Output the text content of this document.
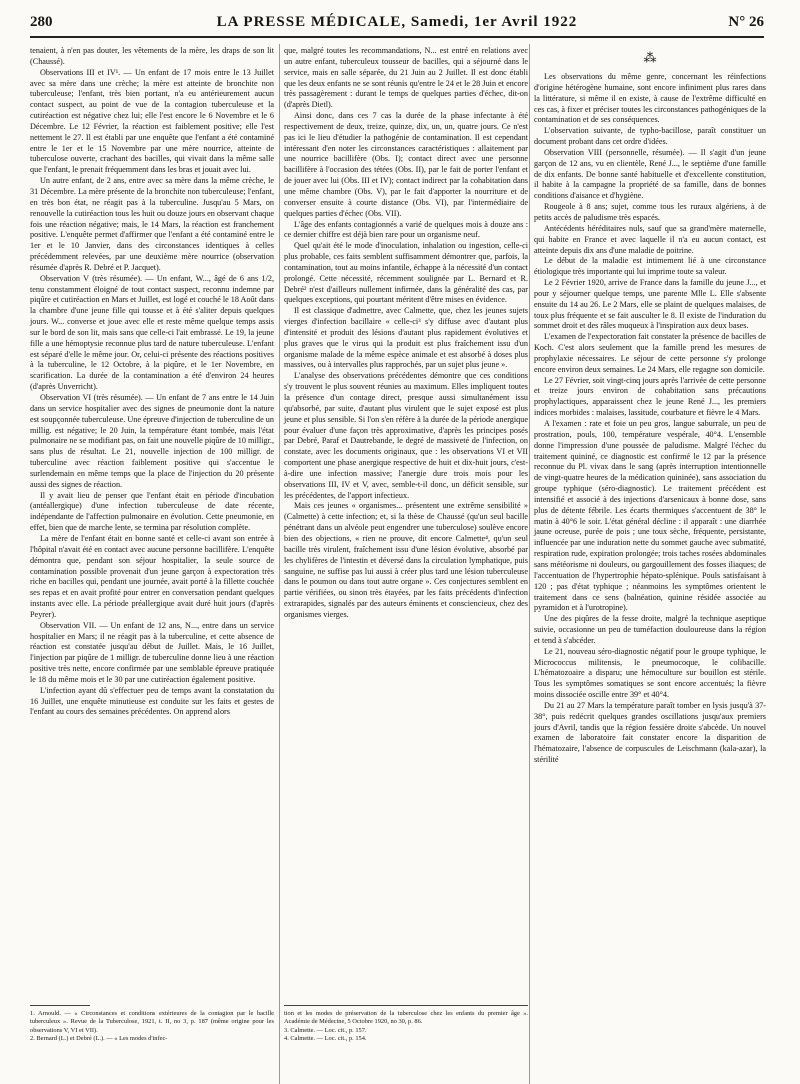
280	LA PRESSE MÉDICALE, Samedi, 1er Avril 1922	N° 26

tenaient, à n'en pas douter, les vêtements de la mère, les draps de son lit (Chaussé).

Observations III et IV¹. — Un enfant de 17 mois entre le 13 Juillet avec sa mère dans une crèche; la mère est atteinte de bronchite non tuberculeuse; l'enfant, très bien portant, n'a eu antérieurement aucun contact suspect, au point de vue de la contagion tuberculeuse et la cutiréaction est négative chez lui; elle l'est encore le 6 Novembre et le 6 Décembre. Le 12 Février, la réaction est faiblement positive; elle l'est nettement le 27. Il est établi par une enquête que l'enfant a été contaminé entre le 1er et le 15 Novembre par une mère nourrice, atteinte de tuberculose ouverte, crachant des bacilles, qui vivait dans la même salle que l'enfant, le prenait fréquemment dans les bras et jouait avec lui.

Un autre enfant, de 2 ans, entre avec sa mère dans la même crèche, le 31 Décembre. La mère présente de la bronchite non tuberculeuse; l'enfant, en très bon état, ne réagit pas à la tuberculine. Jusqu'au 5 Mars, on renouvelle la cutiréaction tous les huit ou douze jours en observant chaque fois une réaction négative; mais, le 14 Mars, la réaction est franchement positive. L'enquête permet d'affirmer que l'enfant a été contaminé entre le 1er et le 10 Janvier, dans des circonstances identiques à celles précédemment relevées, par une deuxième mère nourrice (observation résumée d'après R. Debré et P. Jacquet).

Observation V (très résumée). — Un enfant, W..., âgé de 6 ans 1/2, tenu constamment éloigné de tout contact suspect, reconnu indemne par piqûre et cutiréaction en Mars et Juillet, est logé et couché le 18 Août dans la chambre d'une jeune fille qui tousse et à été s'aliter depuis quelques jours. W... converse et joue avec elle et reste même quelque temps assis sur le bord de son lit, mais sans que celle-ci l'ait embrassé. Le 19, la jeune fille a une hémoptysie reconnue plus tard de nature tuberculeuse. L'enfant est séparé d'elle le même jour. Or, celui-ci présente des réactions positives à la tuberculine, le 12 Octobre, à la piqûre, et le 1er Novembre, en scarification. La durée de la contamination a été d'environ 24 heures (d'après Unverricht).

Observation VI (très résumée). — Un enfant de 7 ans entre le 14 Juin dans un service hospitalier avec des signes de pneumonie dont la nature est soupçonnée tuberculeuse. Une épreuve d'injection de tuberculine de un millig. est négative; le 20 Juin, la température étant tombée, mais l'état pulmonaire ne se modifiant pas, on fait une nouvelle piqûre de 10 milligr., sans plus de résultat. Le 21, nouvelle injection de 100 milligr. de tuberculine avec réaction faiblement positive qui s'accentue le surlendemain en même temps que la place de l'injection du 20 présente aussi des signes de réaction.

Il y avait lieu de penser que l'enfant était en période d'incubation (antéallergique) d'une infection tuberculeuse de date récente, indépendante de l'affection pulmonaire en évolution. Cette pneumonie, en effet, bien que de marche lente, se termina par résolution complète.

La mère de l'enfant était en bonne santé et celle-ci avant son entrée à l'hôpital n'avait été en contact avec aucune personne bacillifère. L'enquête démontra que, pendant son séjour hospitalier, la seule source de contamination possible provenait d'un jeune garçon à expectoration très riche en bacilles qui, pendant une journée, avait porté à la fillette couchée ses repas et en avait profité pour entrer en conversation pendant quelques instants avec elle. La période préallergique avait duré huit jours (d'après Peyrer).

Observation VII. — Un enfant de 12 ans, N..., entre dans un service hospitalier en Mars; il ne réagit pas à la tuberculine, et cette absence de réaction est constatée jusqu'au début de Juillet. Mais, le 16 Juillet, l'injection par piqûre de 1 milligr. de tuberculine donne lieu à une réaction positive très nette, encore confirmée par une semblable épreuve pratiquée le 18 du même mois et le 30 par une cutiréaction également positive.

L'infection ayant dû s'effectuer peu de temps avant la constatation du 16 Juillet, une enquête minutieuse est conduite sur les faits et gestes de l'enfant au cours des semaines précédentes. On apprend alors

que, malgré toutes les recommandations, N... est entré en relations avec un autre enfant, tuberculeux tousseur de bacilles, qui a séjourné dans le service, mais en salle séparée, du 21 Juin au 2 Juillet. Il est donc établi que les deux enfants ne se sont réunis qu'entre le 24 et le 28 Juin et encore très passagèrement : durant le temps de quelques parties d'échec, dit-on (d'après Dietl).

Ainsi donc, dans ces 7 cas la durée de la phase infectante à été respectivement de deux, treize, quinze, dix, un, un, quatre jours. Ce n'est pas ici le lieu d'étudier la pathogénie de contamination. Il est cependant intéressant d'en noter les circonstances caractéristiques : allaitement par une nourrice bacillifère (Obs. I); contact direct avec une personne bacillifère à l'occasion des tétées (Obs. II), par le fait de porter l'enfant et de jouer avec lui (Obs. III et IV); contact indirect par la cohabitation dans une même chambre (Obs. V), par le fait d'apporter la nourriture et de converser ensuite à courte distance (Obs. VI), par l'intermédiaire de quelques parties d'échec (Obs. VII).

L'âge des enfants contagionnés a varié de quelques mois à douze ans : ce dernier chiffre est déjà bien rare pour un organisme neuf.

Quel qu'ait été le mode d'inoculation, inhalation ou ingestion, celle-ci plus probable, ces faits semblent suffisamment démontrer que, parfois, la contamination, tout au moins infantile, échappe à la nécessité d'un contact prolongé. Cette nécessité, récemment soulignée par L. Bernard et R. Debré² n'est d'ailleurs nullement infirmée, dans la généralité des cas, par quelques exceptions, qui pourtant méritent d'être mises en évidence.

Il est classique d'admettre, avec Calmette, que, chez les jeunes sujets vierges d'infection bacillaire « celle-ci³ s'y diffuse avec d'autant plus d'intensité et produit des lésions d'autant plus rapidement évolutives et plus graves que le virus qui la produit est plus fraîchement issu d'un organisme malade de la même espèce animale et est absorbé à doses plus massives, ou à intervalles plus rapprochés, par un sujet plus jeune ».

L'analyse des observations précédentes démontre que ces conditions s'y trouvent le plus souvent réunies au maximum. Elles impliquent toutes la présence d'un contage direct, presque aussi simultanément issu qu'absorbé, par suite, d'autant plus virulent que le sujet exposé est plus jeune et plus sensible. Si l'on s'en réfère à la durée de la période anergique pour évaluer d'une façon très approximative, d'après les principes posés par Debré, Paraf et Dautrebande, le degré de massiveté de l'infection, on constate, avec les documents originaux, que : les observations VI et VII comportent une phase anergique respective de huit et dix-huit jours, c'est-à-dire une infection massive; l'anergie dure trois mois pour les observations III, IV et V, avec, semble-t-il donc, un déficit sensible, sur les précédentes, de l'apport infectieux.

Mais ces jeunes « organismes... présentent une extrême sensibilité » (Calmette) à cette infection; et, si la thèse de Chaussé (qu'un seul bacille pénétrant dans un alvéole peut engendrer une tuberculose) soulève encore bien des objections, « rien ne prouve, dit encore Calmette⁴, qu'un seul bacille très virulent, fraîchement issu d'une lésion évolutive, absorbé par les chylifères de l'intestin et déversé dans la circulation lymphatique, puis sanguine, ne suffise pas lui aussi à créer plus tard une lésion tuberculeuse dans le poumon ou dans tout autre organe ». Ces conjectures semblent en partie vérifiées, ou sinon très étayées, par les faits précédents d'infection extrarapides, signalés par des auteurs éminents et consciencieux, chez des organismes vierges.

⁂

Les observations du même genre, concernant les réinfections d'origine hétérogène humaine, sont encore infiniment plus rares dans la littérature, si même il en existe, à cause de l'extrême difficulté en ces cas, à fixer et préciser toutes les circonstances pathogéniques de la contamination et de ses conséquences.

L'observation suivante, de typho-bacillose, paraît constituer un document probant dans cet ordre d'idées.

Observation VIII (personnelle, résumée). — Il s'agit d'un jeune garçon de 12 ans, vu en clientèle, René J..., le septième d'une famille de dix enfants. De bonne santé habituelle et d'excellente constitution, il habite à la campagne la propriété de sa famille, dans de bonnes conditions d'aisance et d'hygiène.

Rougeole à 8 ans; sujet, comme tous les ruraux algériens, à de petits accès de paludisme très espacés.

Antécédents héréditaires nuls, sauf que sa grand'mère maternelle, qui habite en France et avec laquelle il n'a eu aucun contact, est atteinte depuis dix ans d'une maladie de poitrine.

Le début de la maladie est intimement lié à une circonstance étiologique très importante qui lui imprime toute sa valeur.

Le 2 Février 1920, arrive de France dans la famille du jeune J..., et pour y séjourner quelque temps, une parente Mlle L. Elle s'absente ensuite du 14 au 26. Le 2 Mars, elle se plaint de quelques malaises, de toux plus fréquente et se fait ausculter le 8. Il existe de l'induration du sommet droit et des râles muqueux à l'inspiration aux deux bases.

L'examen de l'expectoration fait constater la présence de bacilles de Koch. C'est alors seulement que la famille prend les mesures de prophylaxie nécessaires. Le séjour de cette personne s'y prolonge encore environ deux semaines. Le 24 Mars, elle regagne son domicile.

Le 27 Février, soit vingt-cinq jours après l'arrivée de cette personne et treize jours environ de cohabitation sans précautions prophylactiques, apparaissent chez le jeune René J..., les premiers indices morbides : malaises, lassitude, courbature et fièvre le 4 Mars.

A l'examen : rate et foie un peu gros, langue saburrale, un peu de prostration, pouls, 100, température vespérale, 40°4. L'ensemble donne l'impression d'une poussée de paludisme. Malgré l'échec du traitement quininé, ce diagnostic est confirmé le 12 par la présence reconnue du Pl. vivax dans le sang (après interruption intentionnelle de vingt-quatre heures de la médication quininée), sans association du groupe typhique (séro-diagnostic). Le traitement précédent est intensifié et associé à des injections d'arsenicaux à bonne dose, sans plus de détente fébrile. Les écarts thermiques s'accentuent de 38° le matin à 40°6 le soir. L'état général décline : il apparaît : une diarrhée jaune ocreuse, purée de pois ; une toux sèche, fréquente, persistante, influencée par une induration nette du sommet gauche avec submatité, respiration rude, expiration prolongée; trois taches rosées abdominales sans météorisme ni douleurs, ou gargouillement des fosses iliaques; de l'accentuation de l'hypertrophie hépato-splénique. Pouls satisfaisant à 120 ; pas d'état typhique ; néanmoins les symptômes orientent le traitement dans ce sens (balnéation, quinine résidée associée au pyramidon et à l'urotropine).

Une des piqûres de la fesse droite, malgré la technique aseptique suivie, occasionne un peu de tuméfaction douloureuse dans la région et tend à s'abcéder.

Le 21, nouveau séro-diagnostic négatif pour le groupe typhique, le Micrococcus militensis, le pneumocoque, le colibacille. L'hématozoaire a disparu; une hémoculture sur bouillon est stérile. Tous les symptômes somatiques se sont encore accentués; la fièvre moins dissociée oscille entre 39° et 40°4.

Du 21 au 27 Mars la température paraît tomber en lysis jusqu'à 37-38°, puis redécrit quelques grandes oscillations jusqu'aux premiers jours d'Avril, tandis que la région fessière droite s'abcède. Un nouvel examen de laboratoire fait constater encore la disparition de l'hématozaire, l'absence de corpuscules de Leischmann (kala-azar), la stérilité

1. Arnould. — « Circonstances et conditions extérieures de la contagion par le bacille tuberculeux ». Revue de la Tuberculose, 1921, t. II, no 3, p. 187 (même origine pour les observations V, VI et VII).

2. Bernard (L.) et Debré (L.). — « Les modes d'infec-

tion et les modes de préservation de la tuberculose chez les enfants du premier âge ». Académie de Médecine, 5 Octobre 1920, no 30, p. 86.

3. Calmette. — Loc. cit., p. 157.

4. Calmette. — Loc. cit., p. 154.
